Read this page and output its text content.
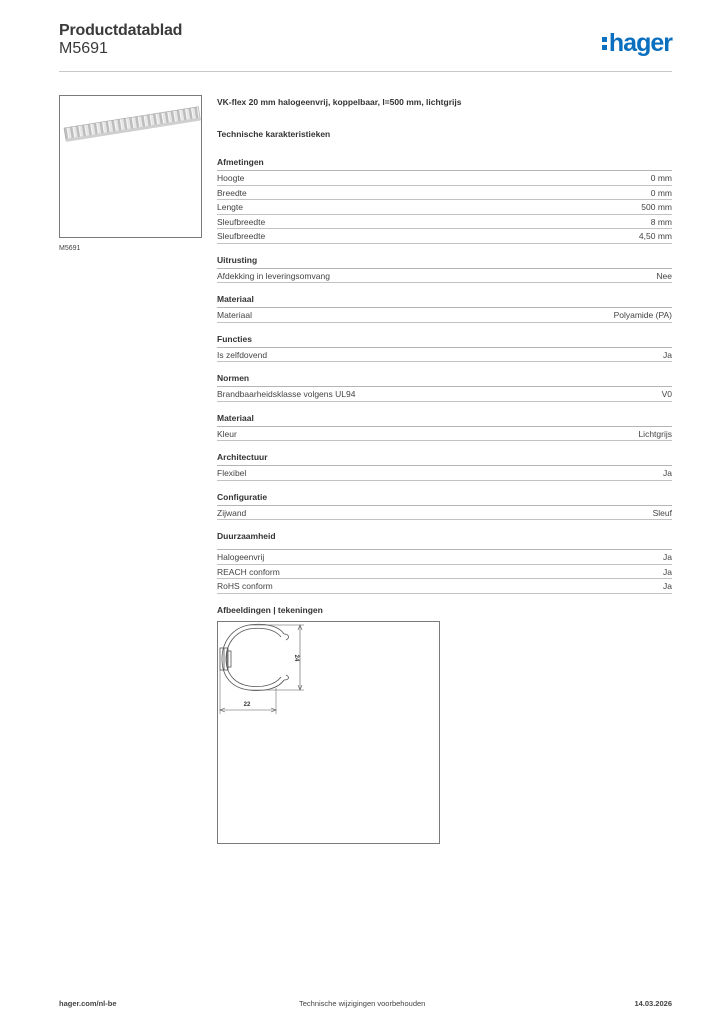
Productdatablad
M5691	hager
M5691
VK-flex 20 mm halogeenvrij, koppelbaar, l=500 mm, lichtgrijs
Technische karakteristieken
Afmetingen
Hoogte	0 mm
Breedte	0 mm
Lengte	500 mm
Sleufbreedte	8 mm
Sleufbreedte	4,50 mm
Uitrusting
Afdekking in leveringsomvang	Nee
Materiaal
Materiaal	Polyamide (PA)
Functies
Is zelfdovend	Ja
Normen
Brandbaarheidsklasse volgens UL94	V0
Materiaal
Kleur	Lichtgrijs
Architectuur
Flexibel	Ja
Configuratie
Zijwand	Sleuf
Duurzaamheid
Halogeenvrij	Ja
REACH conform	Ja
RoHS conform	Ja
Afbeeldingen | tekeningen
24
22
hager.com/nl-be	Technische wijzigingen voorbehouden	14.03.2026
